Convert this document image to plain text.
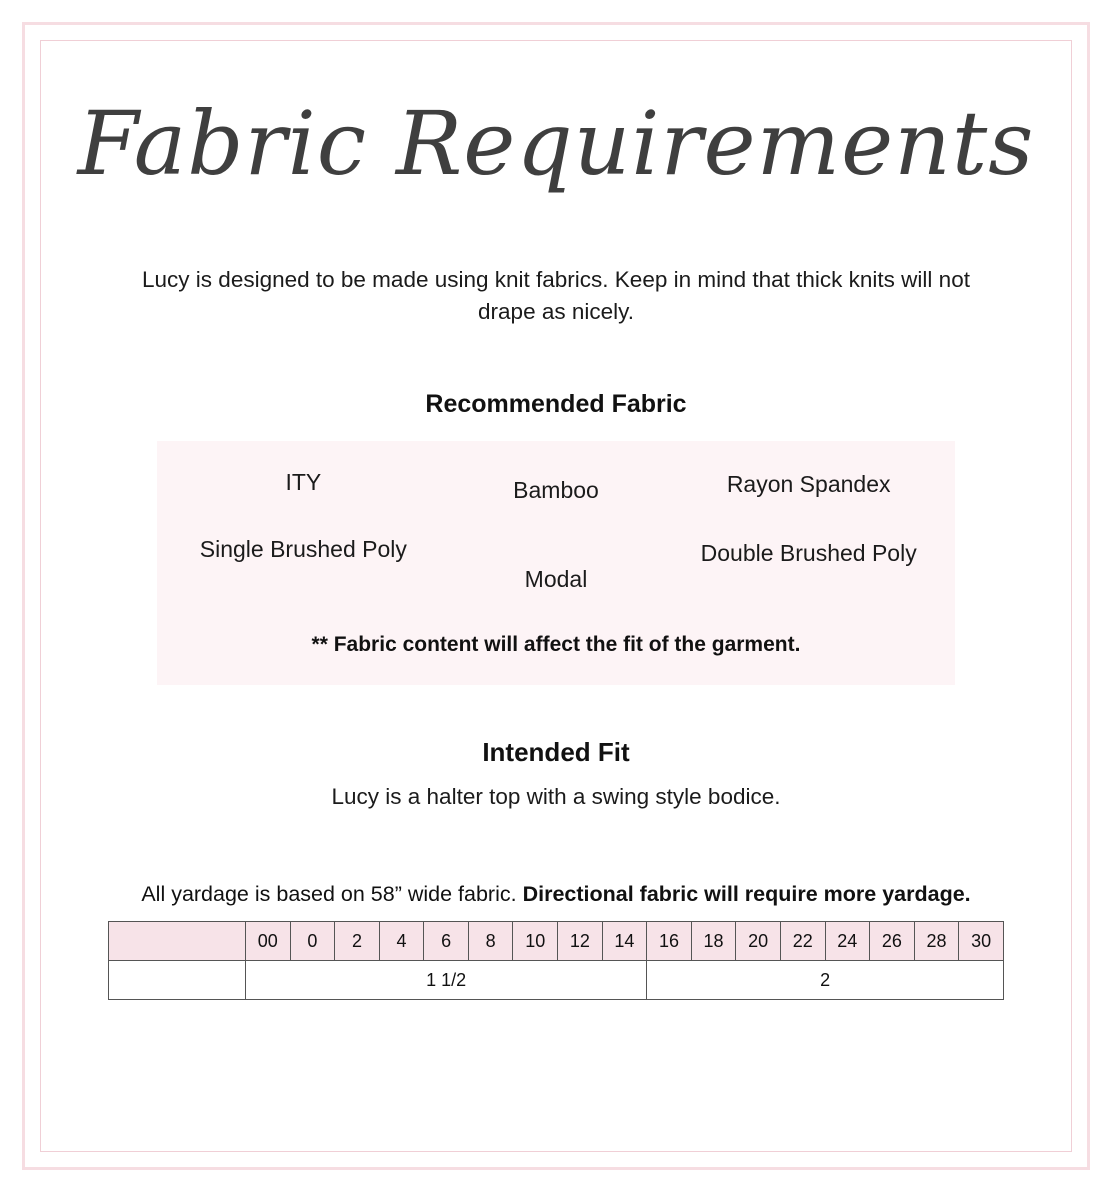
Fabric Requirements
Lucy is designed to be made using knit fabrics. Keep in mind that thick knits will not drape as nicely.
Recommended Fabric
ITY	Bamboo	Rayon Spandex
Single Brushed Poly
Modal
Double Brushed Poly
** Fabric content will affect the fit of the garment.
Intended Fit
Lucy is a halter top with a swing style bodice.
All yardage is based on 58” wide fabric. Directional fabric will require more yardage.
	00	0	2	4	6	8	10	12	14	16	18	20	22	24	26	28	30
	1 1/2									2							
